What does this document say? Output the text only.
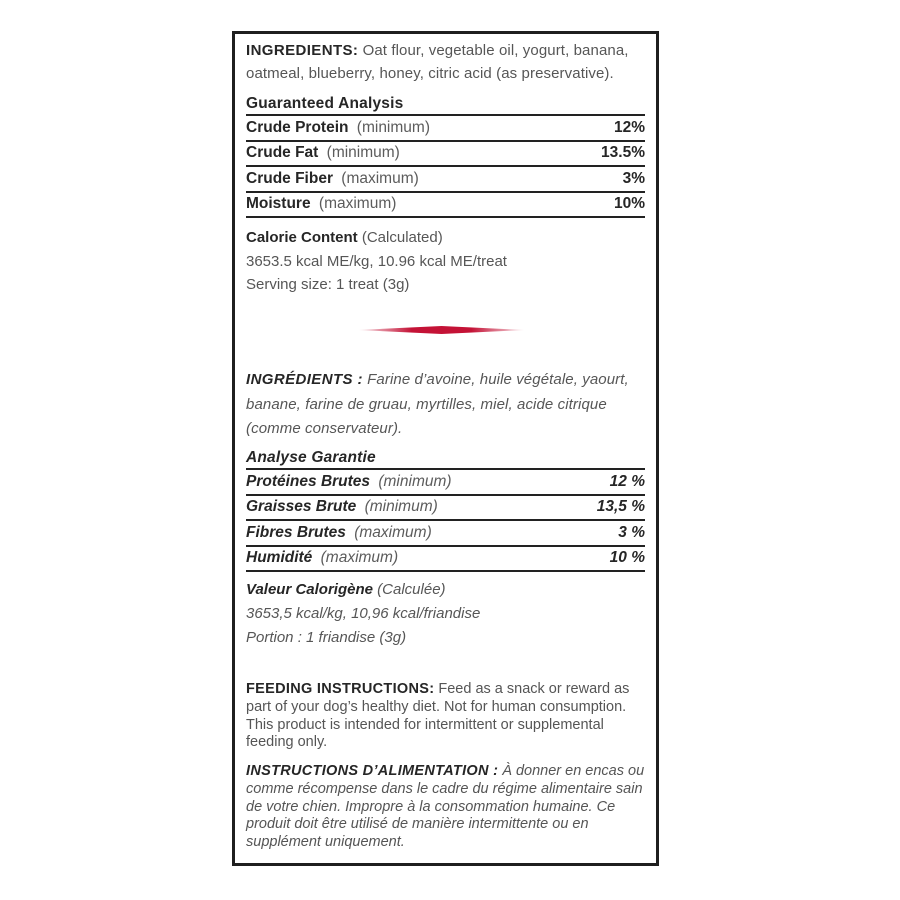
INGREDIENTS: Oat flour, vegetable oil, yogurt, banana, oatmeal, blueberry, honey, citric acid (as preservative).
Guaranteed Analysis
Crude Protein (minimum)	12%
Crude Fat (minimum)	13.5%
Crude Fiber (maximum)	3%
Moisture (maximum)	10%
Calorie Content (Calculated)
3653.5 kcal ME/kg, 10.96 kcal ME/treat
Serving size: 1 treat (3g)
INGRÉDIENTS : Farine d’avoine, huile végétale, yaourt, banane, farine de gruau, myrtilles, miel, acide citrique (comme conservateur).
Analyse Garantie
Protéines Brutes (minimum)	12 %
Graisses Brute (minimum)	13,5 %
Fibres Brutes (maximum)	3 %
Humidité (maximum)	10 %
Valeur Calorigène (Calculée)
3653,5 kcal/kg, 10,96 kcal/friandise
Portion : 1 friandise (3g)
FEEDING INSTRUCTIONS: Feed as a snack or reward as part of your dog’s healthy diet. Not for human consumption. This product is intended for intermittent or supplemental feeding only.
INSTRUCTIONS D’ALIMENTATION : À donner en encas ou comme récompense dans le cadre du régime alimentaire sain de votre chien. Impropre à la consommation humaine. Ce produit doit être utilisé de manière intermittente ou en supplément uniquement.
